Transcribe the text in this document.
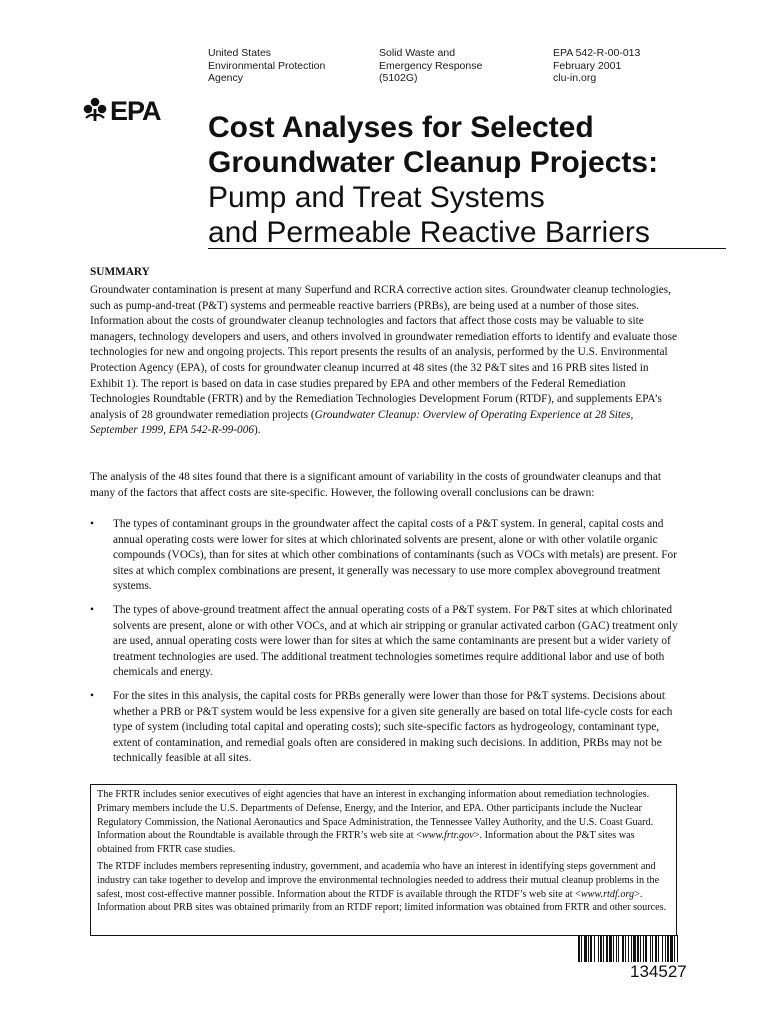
United States
Environmental Protection
Agency
Solid Waste and
Emergency Response
(5102G)
EPA 542-R-00-013
February 2001
clu-in.org
EPA Cost Analyses for Selected
Groundwater Cleanup Projects:
Pump and Treat Systems
and Permeable Reactive Barriers
SUMMARY
Groundwater contamination is present at many Superfund and RCRA corrective action sites. Groundwater cleanup technologies, such as pump-and-treat (P&T) systems and permeable reactive barriers (PRBs), are being used at a number of those sites. Information about the costs of groundwater cleanup technologies and factors that affect those costs may be valuable to site managers, technology developers and users, and others involved in groundwater remediation efforts to identify and evaluate those technologies for new and ongoing projects. This report presents the results of an analysis, performed by the U.S. Environmental Protection Agency (EPA), of costs for groundwater cleanup incurred at 48 sites (the 32 P&T sites and 16 PRB sites listed in Exhibit 1). The report is based on data in case studies prepared by EPA and other members of the Federal Remediation Technologies Roundtable (FRTR) and by the Remediation Technologies Development Forum (RTDF), and supplements EPA’s analysis of 28 groundwater remediation projects (Groundwater Cleanup: Overview of Operating Experience at 28 Sites, September 1999, EPA 542-R-99-006).
The analysis of the 48 sites found that there is a significant amount of variability in the costs of groundwater cleanups and that many of the factors that affect costs are site-specific. However, the following overall conclusions can be drawn:
• The types of contaminant groups in the groundwater affect the capital costs of a P&T system. In general, capital costs and annual operating costs were lower for sites at which chlorinated solvents are present, alone or with other volatile organic compounds (VOCs), than for sites at which other combinations of contaminants (such as VOCs with metals) are present. For sites at which complex combinations are present, it generally was necessary to use more complex aboveground treatment systems.
• The types of above-ground treatment affect the annual operating costs of a P&T system. For P&T sites at which chlorinated solvents are present, alone or with other VOCs, and at which air stripping or granular activated carbon (GAC) treatment only are used, annual operating costs were lower than for sites at which the same contaminants are present but a wider variety of treatment technologies are used. The additional treatment technologies sometimes require additional labor and use of both chemicals and energy.
• For the sites in this analysis, the capital costs for PRBs generally were lower than those for P&T systems. Decisions about whether a PRB or P&T system would be less expensive for a given site generally are based on total life-cycle costs for each type of system (including total capital and operating costs); such site-specific factors as hydrogeology, contaminant type, extent of contamination, and remedial goals often are considered in making such decisions. In addition, PRBs may not be technically feasible at all sites.

The FRTR includes senior executives of eight agencies that have an interest in exchanging information about remediation technologies. Primary members include the U.S. Departments of Defense, Energy, and the Interior, and EPA. Other participants include the Nuclear Regulatory Commission, the National Aeronautics and Space Administration, the Tennessee Valley Authority, and the U.S. Coast Guard. Information about the Roundtable is available through the FRTR’s web site at <www.frtr.gov>. Information about the P&T sites was obtained from FRTR case studies.

The RTDF includes members representing industry, government, and academia who have an interest in identifying steps government and industry can take together to develop and improve the environmental technologies needed to address their mutual cleanup problems in the safest, most cost-effective manner possible. Information about the RTDF is available through the RTDF’s web site at <www.rtdf.org>. Information about PRB sites was obtained primarily from an RTDF report; limited information was obtained from FRTR and other sources.

134527
